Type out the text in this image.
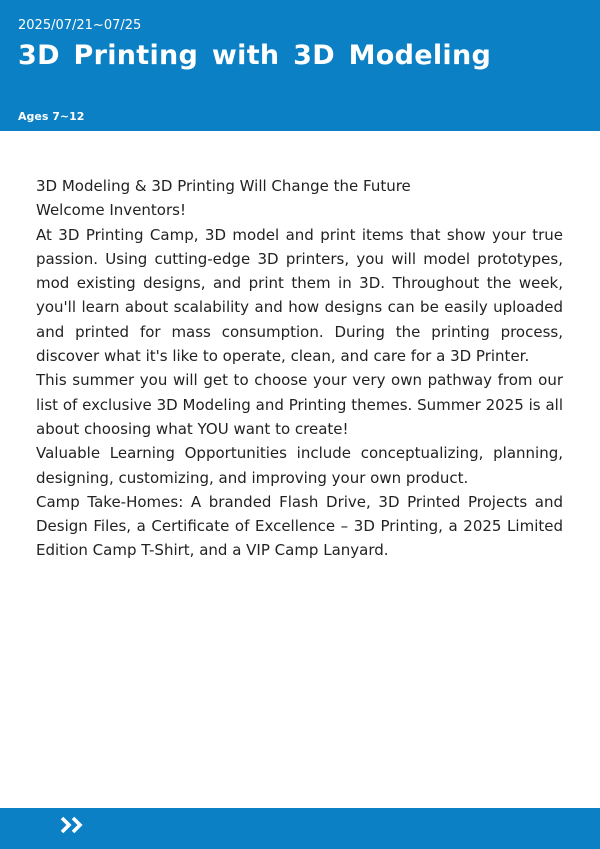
2025/07/21~07/25
3D Printing with 3D Modeling
Ages 7~12

3D Modeling & 3D Printing Will Change the Future

Welcome Inventors!

At 3D Printing Camp, 3D model and print items that show your true passion. Using cutting-edge 3D printers, you will model prototypes, mod existing designs, and print them in 3D. Throughout the week, you'll learn about scalability and how designs can be easily uploaded and printed for mass consumption. During the printing process, discover what it's like to operate, clean, and care for a 3D Printer.

This summer you will get to choose your very own pathway from our list of exclusive 3D Modeling and Printing themes. Summer 2025 is all about choosing what YOU want to create!

Valuable Learning Opportunities include conceptualizing, planning, designing, customizing, and improving your own product.

Camp Take-Homes: A branded Flash Drive, 3D Printed Projects and Design Files, a Certificate of Excellence – 3D Printing, a 2025 Limited Edition Camp T-Shirt, and a VIP Camp Lanyard.
